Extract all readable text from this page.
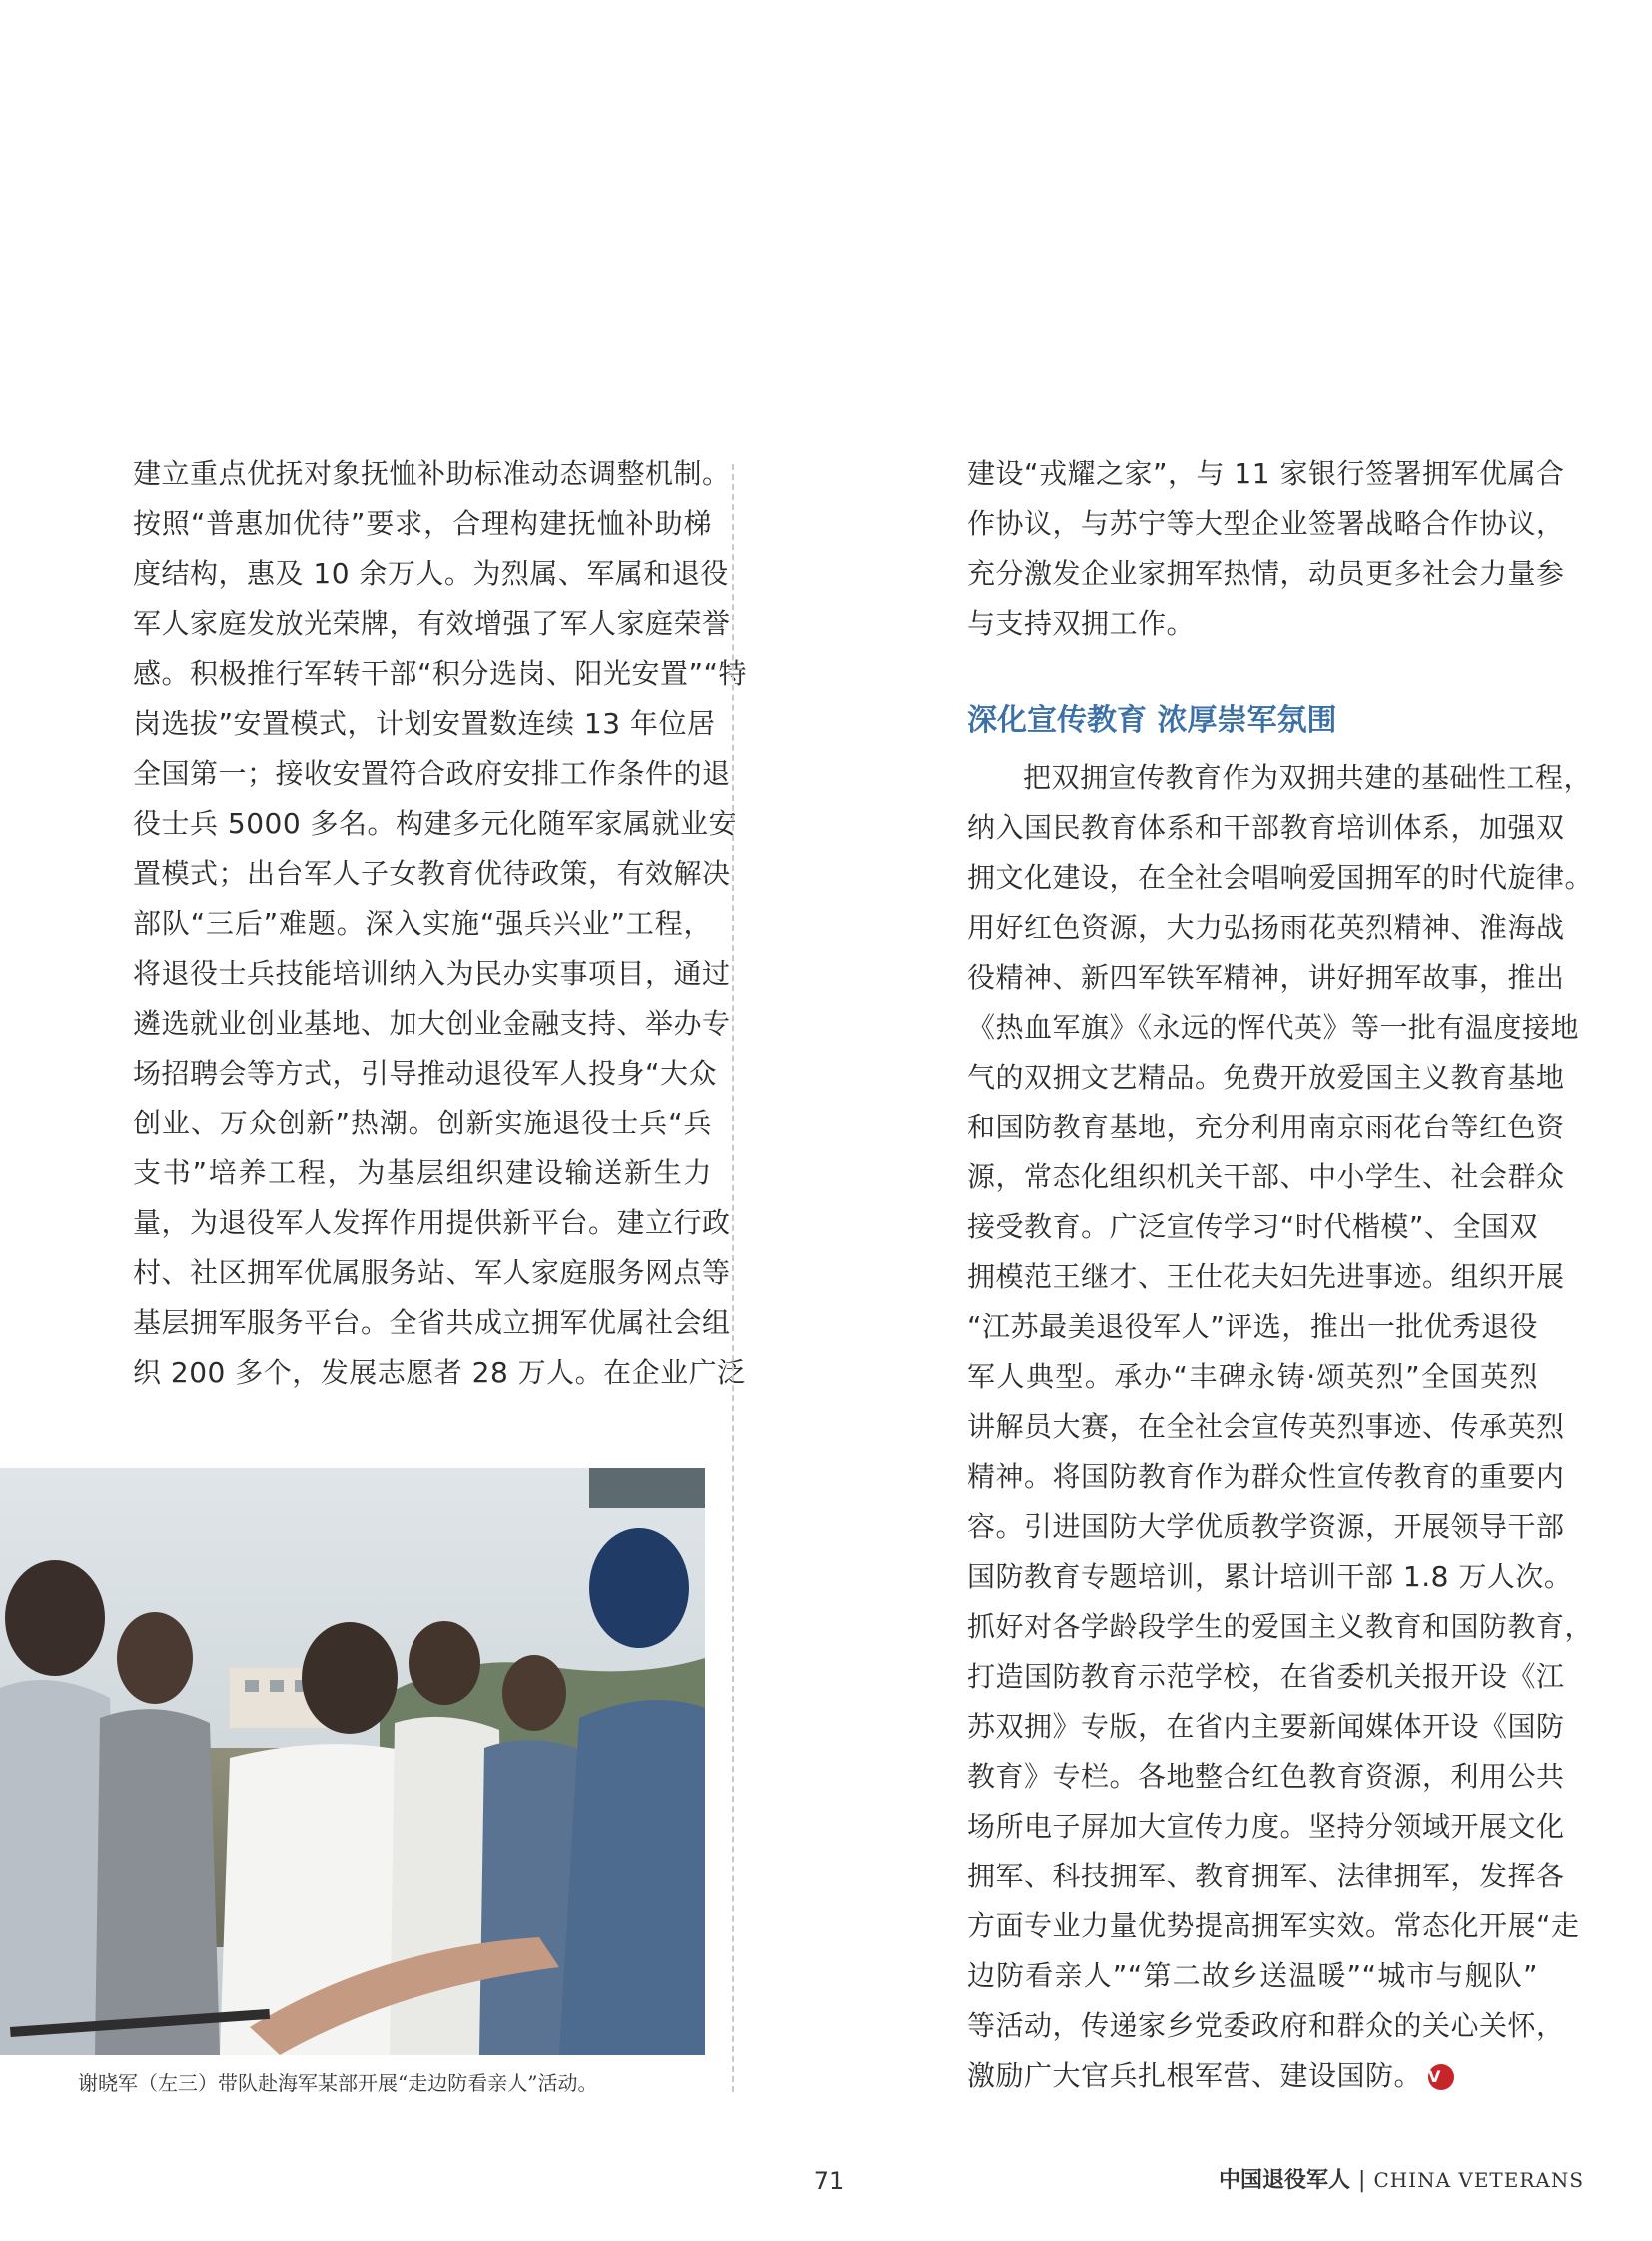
建立重点优抚对象抚恤补助标准动态调整机制。
按照“普惠加优待”要求，合理构建抚恤补助梯
度结构，惠及 10 余万人。为烈属、军属和退役
军人家庭发放光荣牌，有效增强了军人家庭荣誉
感。积极推行军转干部“积分选岗、阳光安置”“特
岗选拔”安置模式，计划安置数连续 13 年位居
全国第一；接收安置符合政府安排工作条件的退
役士兵 5000 多名。构建多元化随军家属就业安
置模式；出台军人子女教育优待政策，有效解决
部队“三后”难题。深入实施“强兵兴业”工程，
将退役士兵技能培训纳入为民办实事项目，通过
遴选就业创业基地、加大创业金融支持、举办专
场招聘会等方式，引导推动退役军人投身“大众
创业、万众创新”热潮。创新实施退役士兵“兵
支书”培养工程，为基层组织建设输送新生力
量，为退役军人发挥作用提供新平台。建立行政
村、社区拥军优属服务站、军人家庭服务网点等
基层拥军服务平台。全省共成立拥军优属社会组
织 200 多个，发展志愿者 28 万人。在企业广泛
谢晓军（左三）带队赴海军某部开展“走边防看亲人”活动。
建设“戎耀之家”，与 11 家银行签署拥军优属合
作协议，与苏宁等大型企业签署战略合作协议，
充分激发企业家拥军热情，动员更多社会力量参
与支持双拥工作。
深化宣传教育 浓厚崇军氛围
把双拥宣传教育作为双拥共建的基础性工程，
纳入国民教育体系和干部教育培训体系，加强双
拥文化建设，在全社会唱响爱国拥军的时代旋律。
用好红色资源，大力弘扬雨花英烈精神、淮海战
役精神、新四军铁军精神，讲好拥军故事，推出
《热血军旗》《永远的恽代英》等一批有温度接地
气的双拥文艺精品。免费开放爱国主义教育基地
和国防教育基地，充分利用南京雨花台等红色资
源，常态化组织机关干部、中小学生、社会群众
接受教育。广泛宣传学习“时代楷模”、全国双
拥模范王继才、王仕花夫妇先进事迹。组织开展
“江苏最美退役军人”评选，推出一批优秀退役
军人典型。承办“丰碑永铸·颂英烈”全国英烈
讲解员大赛，在全社会宣传英烈事迹、传承英烈
精神。将国防教育作为群众性宣传教育的重要内
容。引进国防大学优质教学资源，开展领导干部
国防教育专题培训，累计培训干部 1.8 万人次。
抓好对各学龄段学生的爱国主义教育和国防教育，
打造国防教育示范学校，在省委机关报开设《江
苏双拥》专版，在省内主要新闻媒体开设《国防
教育》专栏。各地整合红色教育资源，利用公共
场所电子屏加大宣传力度。坚持分领域开展文化
拥军、科技拥军、教育拥军、法律拥军，发挥各
方面专业力量优势提高拥军实效。常态化开展“走
边防看亲人”“第二故乡送温暖”“城市与舰队”
等活动，传递家乡党委政府和群众的关心关怀，
激励广大官兵扎根军营、建设国防。 V
71	中国退役军人 | CHINA VETERANS
